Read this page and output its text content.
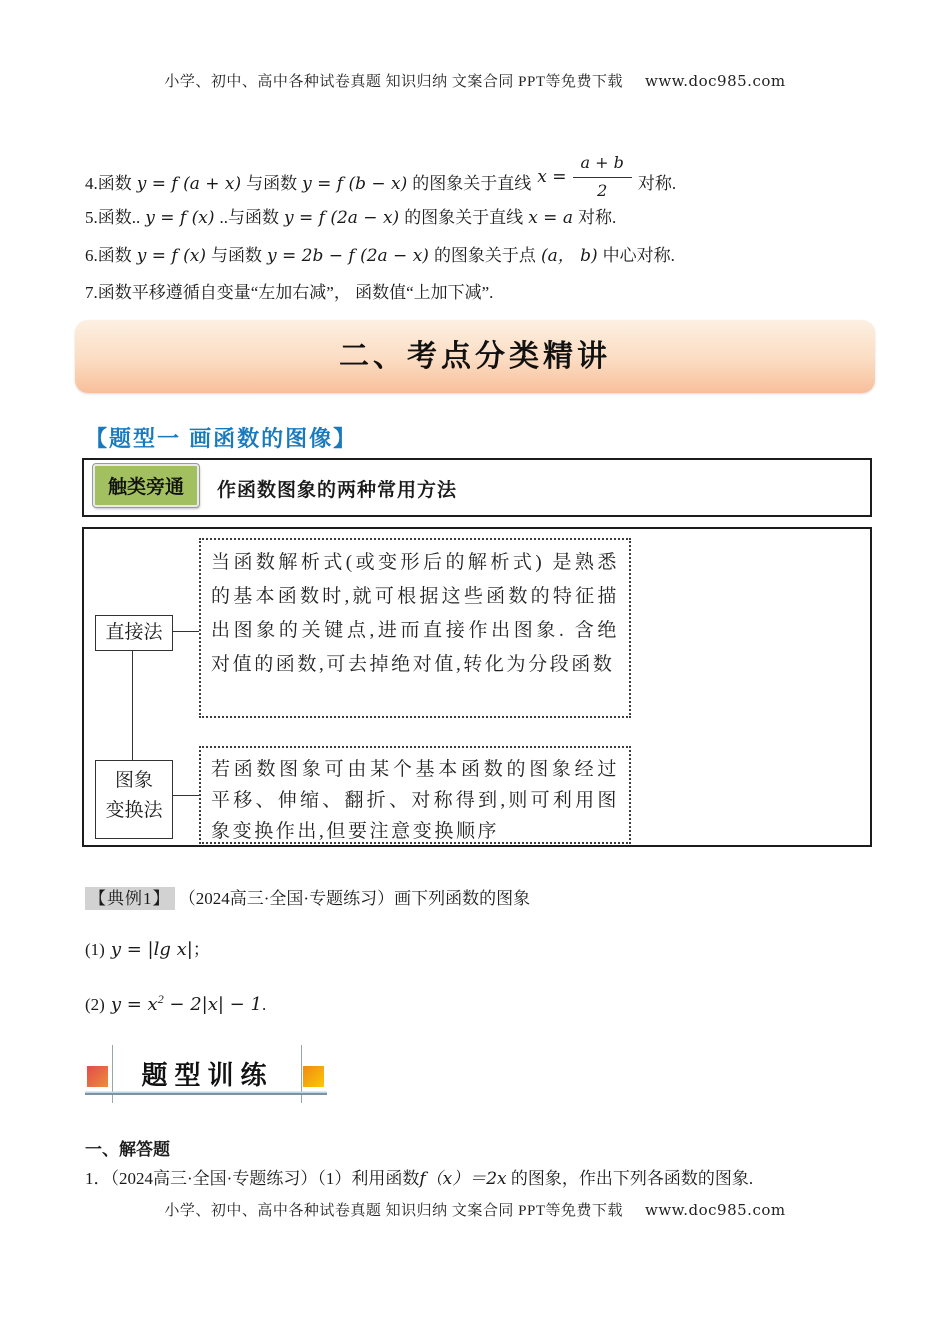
小学、初中、高中各种试卷真题 知识归纳 文案合同 PPT等免费下载 www.doc985.com
4.函数 y = f (a + x) 与函数 y = f (b − x) 的图象关于直线 $x = \frac{a + b}{2}$ 对称.
5.函数.. y = f (x) ..与函数 y = f (2a − x) 的图象关于直线 x = a 对称.
6.函数 y = f (x) 与函数 y = 2b − f (2a − x) 的图象关于点 (a， b) 中心对称.
7.函数平移遵循自变量“左加右减”， 函数值“上加下减”.
二、考点分类精讲
【题型一 画函数的图像】
触类旁通	作函数图象的两种常用方法
直接法
当函数解析式(或变形后的解析式) 是熟悉的基本函数时,就可根据这些函数的特征描出图象的关键点,进而直接作出图象. 含绝对值的函数,可去掉绝对值,转化为分段函数
图象
变换法
若函数图象可由某个基本函数的图象经过平移、伸缩、翻折、对称得到,则可利用图象变换作出,但要注意变换顺序
【典例1】 （2024高三·全国·专题练习）画下列函数的图象
(1) y = |lg x|；
(2) $y = x^2 - 2|x| - 1$.
题型训练
一、解答题
1．（2024高三·全国·专题练习）（1）利用函数f（x）＝2x 的图象，作出下列各函数的图象.
小学、初中、高中各种试卷真题 知识归纳 文案合同 PPT等免费下载 www.doc985.com
